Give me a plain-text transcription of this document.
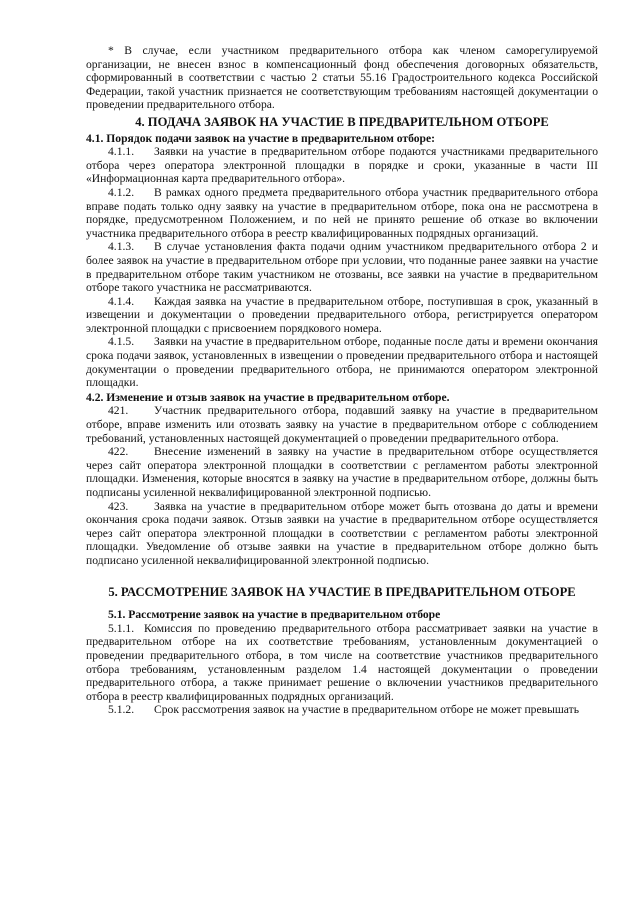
* В случае, если участником предварительного отбора как членом саморегулируемой организации, не внесен взнос в компенсационный фонд обеспечения договорных обязательств, сформированный в соответствии с частью 2 статьи 55.16 Градостроительного кодекса Российской Федерации, такой участник признается не соответствующим требованиям настоящей документации о проведении предварительного отбора.

4. ПОДАЧА ЗАЯВОК НА УЧАСТИЕ В ПРЕДВАРИТЕЛЬНОМ ОТБОРЕ

4.1. Порядок подачи заявок на участие в предварительном отборе:

4.1.1. Заявки на участие в предварительном отборе подаются участниками предварительного отбора через оператора электронной площадки в порядке и сроки, указанные в части III «Информационная карта предварительного отбора».

4.1.2. В рамках одного предмета предварительного отбора участник предварительного отбора вправе подать только одну заявку на участие в предварительном отборе, пока она не рассмотрена в порядке, предусмотренном Положением, и по ней не принято решение об отказе во включении участника предварительного отбора в реестр квалифицированных подрядных организаций.

4.1.3. В случае установления факта подачи одним участником предварительного отбора 2 и более заявок на участие в предварительном отборе при условии, что поданные ранее заявки на участие в предварительном отборе таким участником не отозваны, все заявки на участие в предварительном отборе такого участника не рассматриваются.

4.1.4. Каждая заявка на участие в предварительном отборе, поступившая в срок, указанный в извещении и документации о проведении предварительного отбора, регистрируется оператором электронной площадки с присвоением порядкового номера.

4.1.5. Заявки на участие в предварительном отборе, поданные после даты и времени окончания срока подачи заявок, установленных в извещении о проведении предварительного отбора и настоящей документации о проведении предварительного отбора, не принимаются оператором электронной площадки.

4.2. Изменение и отзыв заявок на участие в предварительном отборе.

421. Участник предварительного отбора, подавший заявку на участие в предварительном отборе, вправе изменить или отозвать заявку на участие в предварительном отборе с соблюдением требований, установленных настоящей документацией о проведении предварительного отбора.

422. Внесение изменений в заявку на участие в предварительном отборе осуществляется через сайт оператора электронной площадки в соответствии с регламентом работы электронной площадки. Изменения, которые вносятся в заявку на участие в предварительном отборе, должны быть подписаны усиленной неквалифицированной электронной подписью.

423. Заявка на участие в предварительном отборе может быть отозвана до даты и времени окончания срока подачи заявок. Отзыв заявки на участие в предварительном отборе осуществляется через сайт оператора электронной площадки в соответствии с регламентом работы электронной площадки. Уведомление об отзыве заявки на участие в предварительном отборе должно быть подписано усиленной неквалифицированной электронной подписью.

5. РАССМОТРЕНИЕ ЗАЯВОК НА УЧАСТИЕ В ПРЕДВАРИТЕЛЬНОМ ОТБОРЕ

5.1. Рассмотрение заявок на участие в предварительном отборе

5.1.1. Комиссия по проведению предварительного отбора рассматривает заявки на участие в предварительном отборе на их соответствие требованиям, установленным документацией о проведении предварительного отбора, в том числе на соответствие участников предварительного отбора требованиям, установленным разделом 1.4 настоящей документации о проведении предварительного отбора, а также принимает решение о включении участников предварительного отбора в реестр квалифицированных подрядных организаций.

5.1.2. Срок рассмотрения заявок на участие в предварительном отборе не может превышать
